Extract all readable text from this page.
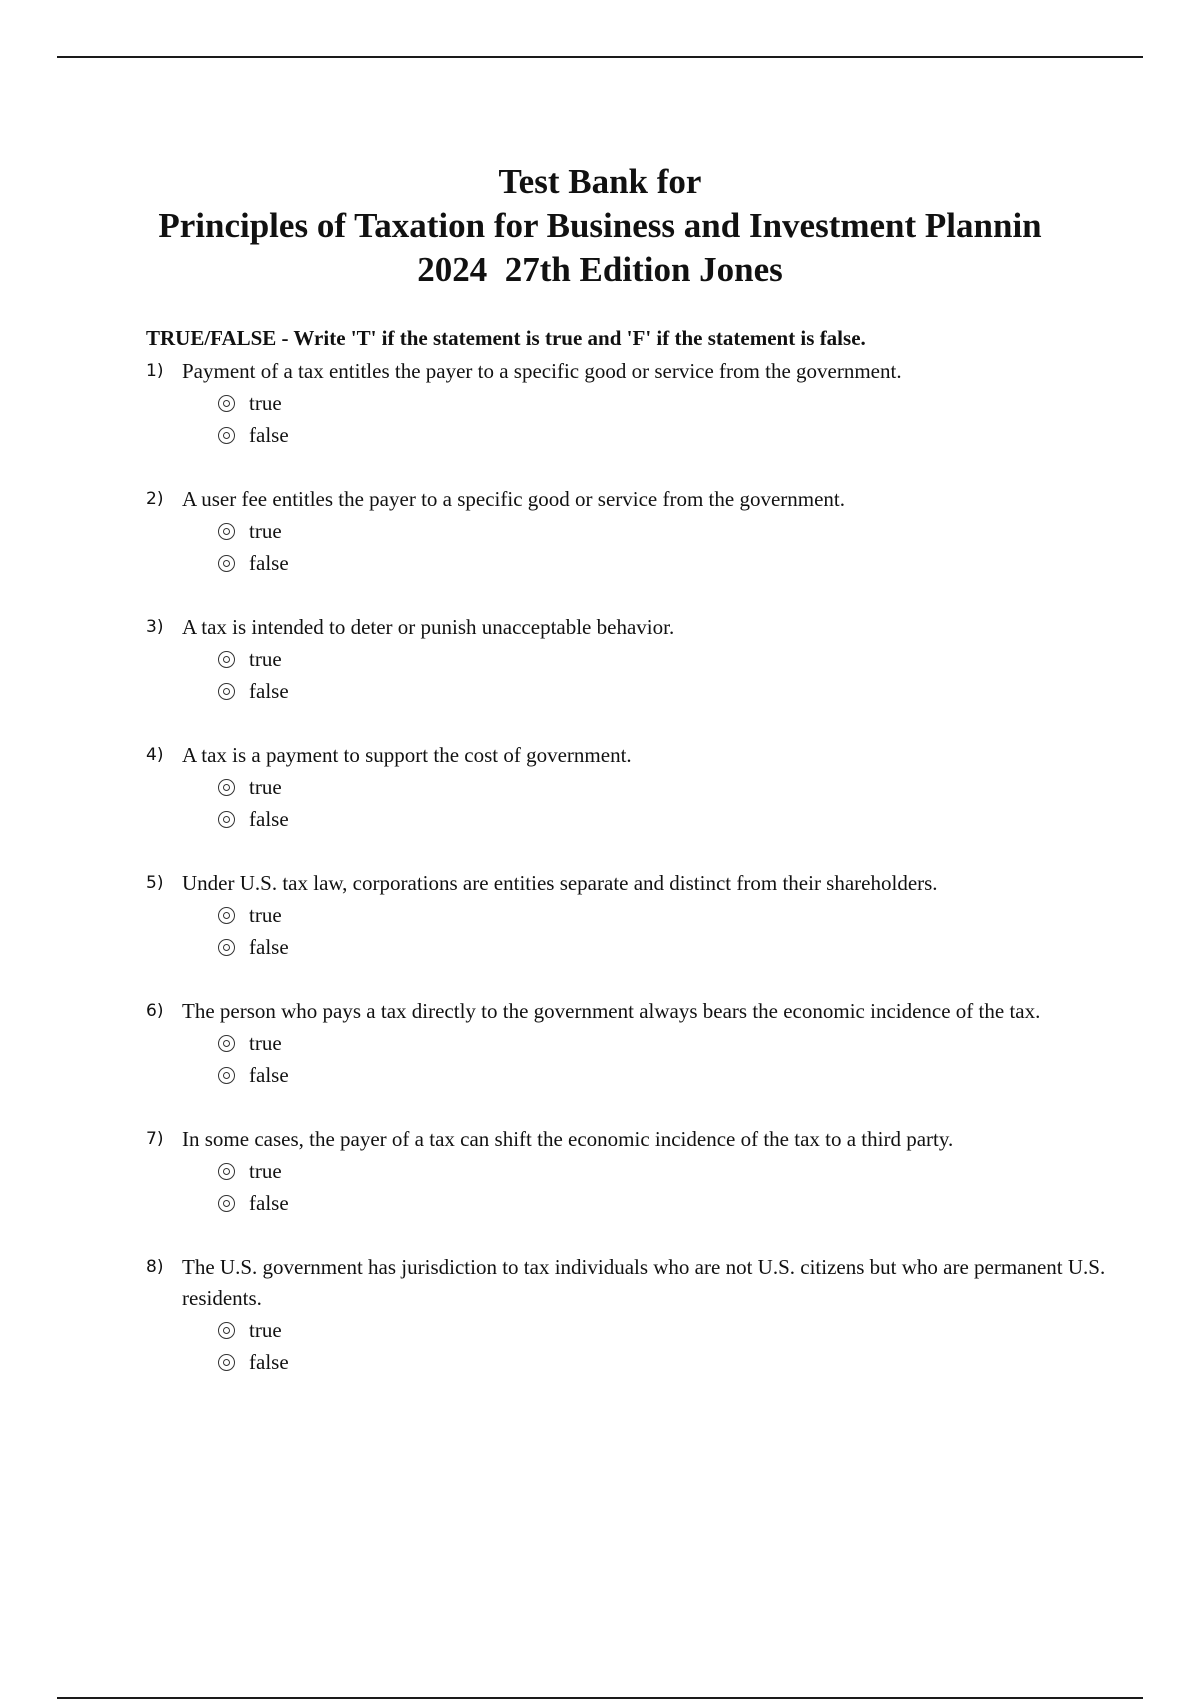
Test Bank for
Principles of Taxation for Business and Investment Plannin
2024  27th Edition Jones
TRUE/FALSE - Write 'T' if the statement is true and 'F' if the statement is false.
1) Payment of a tax entitles the payer to a specific good or service from the government.
true
false
2) A user fee entitles the payer to a specific good or service from the government.
true
false
3) A tax is intended to deter or punish unacceptable behavior.
true
false
4) A tax is a payment to support the cost of government.
true
false
5) Under U.S. tax law, corporations are entities separate and distinct from their shareholders.
true
false
6) The person who pays a tax directly to the government always bears the economic incidence of the tax.
true
false
7) In some cases, the payer of a tax can shift the economic incidence of the tax to a third party.
true
false
8) The U.S. government has jurisdiction to tax individuals who are not U.S. citizens but who are permanent U.S. residents.
true
false
